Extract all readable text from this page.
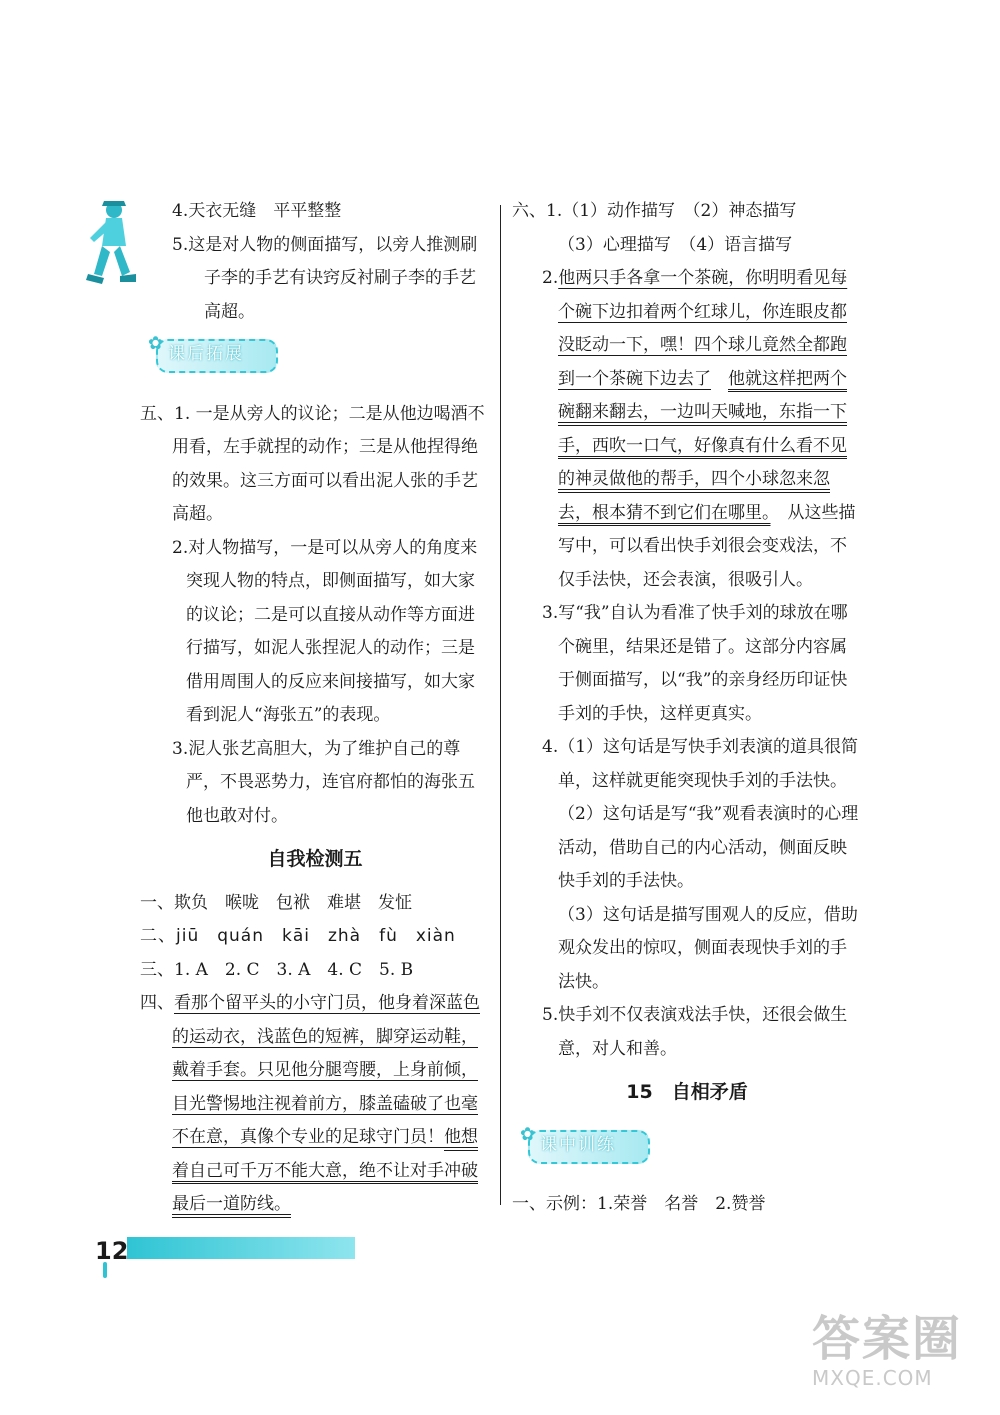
4.天衣无缝　平平整整

5.这是对人物的侧面描写，以旁人推测刷子李的手艺有诀窍反衬刷子李的手艺高超。

✿ 课后拓展

五、1. 一是从旁人的议论；二是从他边喝酒不用看，左手就捏的动作；三是从他捏得绝的效果。这三方面可以看出泥人张的手艺高超。

2.对人物描写，一是可以从旁人的角度来突现人物的特点，即侧面描写，如大家的议论；二是可以直接从动作等方面进行描写，如泥人张捏泥人的动作；三是借用周围人的反应来间接描写，如大家看到泥人“海张五”的表现。

3.泥人张艺高胆大，为了维护自己的尊严，不畏恶势力，连官府都怕的海张五他也敢对付。

自我检测五

一、欺负　喉咙　包袱　难堪　发怔

二、jiū　quán　kāi　zhà　fù　xiàn

三、1. A　2. C　3. A　4. C　5. B

四、看那个留平头的小守门员，他身着深蓝色的运动衣，浅蓝色的短裤，脚穿运动鞋，戴着手套。只见他分腿弯腰，上身前倾，目光警惕地注视着前方，膝盖磕破了也毫不在意，真像个专业的足球守门员！他想着自己可千万不能大意，绝不让对手冲破最后一道防线。

六、1.（1）动作描写　（2）神态描写

（3）心理描写　（4）语言描写

2.他两只手各拿一个茶碗，你明明看见每个碗下边扣着两个红球儿，你连眼皮都没眨动一下，嘿！四个球儿竟然全都跑到一个茶碗下边去了　 他就这样把两个碗翻来翻去，一边叫天喊地，东指一下手，西吹一口气，好像真有什么看不见的神灵做他的帮手，四个小球忽来忽去，根本猜不到它们在哪里。　 从这些描写中，可以看出快手刘很会变戏法，不仅手法快，还会表演，很吸引人。

3.写“我”自认为看准了快手刘的球放在哪个碗里，结果还是错了。这部分内容属于侧面描写，以“我”的亲身经历印证快手刘的手快，这样更真实。

4.（1）这句话是写快手刘表演的道具很简单，这样就更能突现快手刘的手法快。

（2）这句话是写“我”观看表演时的心理活动，借助自己的内心活动，侧面反映快手刘的手法快。

（3）这句话是描写围观人的反应，借助观众发出的惊叹，侧面表现快手刘的手法快。

5.快手刘不仅表演戏法手快，还很会做生意，对人和善。

15　自相矛盾
✿ 课中训练

一、示例：1.荣誉　名誉　2.赞誉

12
答案圈
MXQE.COM
